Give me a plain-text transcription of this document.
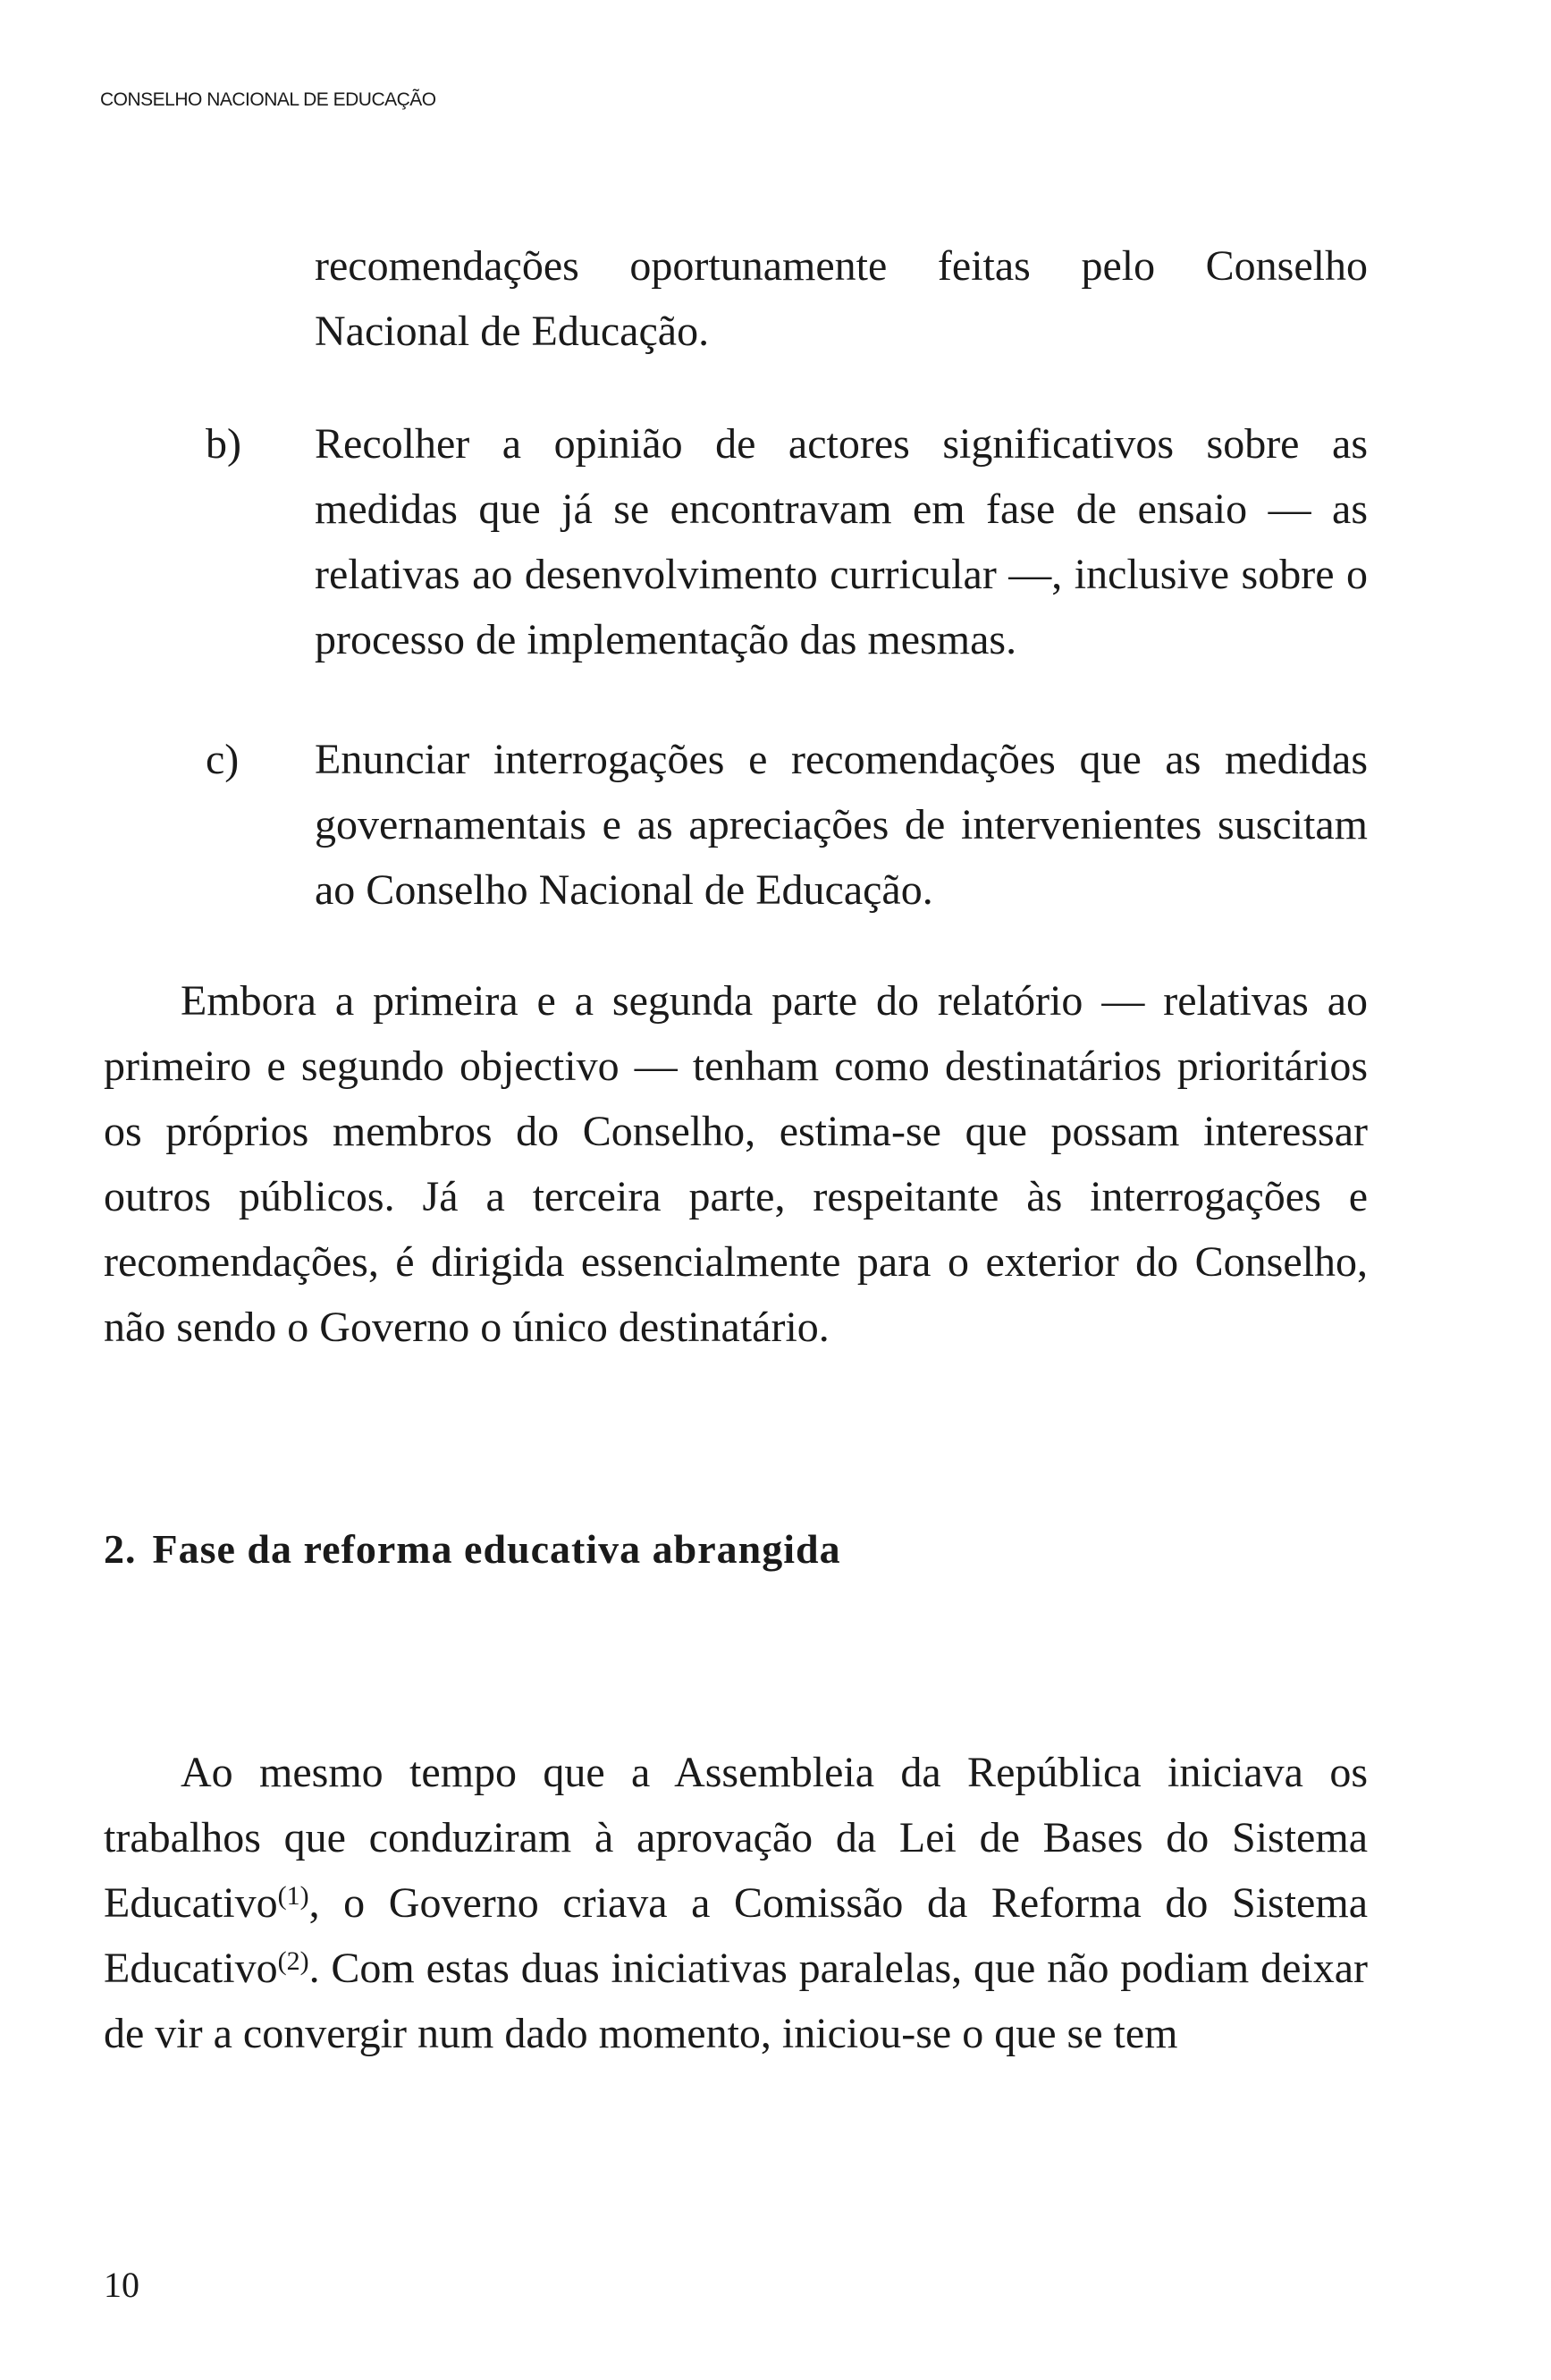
CONSELHO NACIONAL DE EDUCAÇÃO

recomendações oportunamente feitas pelo Conselho Nacional de Educação.

b)	Recolher a opinião de actores significativos sobre as medidas que já se encontravam em fase de ensaio — as relativas ao desenvolvimento curricular —, inclusive sobre o processo de implementação das mesmas.

c)	Enunciar interrogações e recomendações que as medidas governamentais e as apreciações de intervenientes suscitam ao Conselho Nacional de Educação.

Embora a primeira e a segunda parte do relatório — relativas ao primeiro e segundo objectivo — tenham como destinatários prioritários os próprios membros do Conselho, estima-se que possam interessar outros públicos. Já a terceira parte, respeitante às interrogações e recomendações, é dirigida essencialmente para o exterior do Conselho, não sendo o Governo o único destinatário.

2. Fase da reforma educativa abrangida

Ao mesmo tempo que a Assembleia da República iniciava os trabalhos que conduziram à aprovação da Lei de Bases do Sistema Educativo$^{(1)}$, o Governo criava a Comissão da Reforma do Sistema Educativo$^{(2)}$. Com estas duas iniciativas paralelas, que não podiam deixar de vir a convergir num dado momento, iniciou-se o que se tem

10
